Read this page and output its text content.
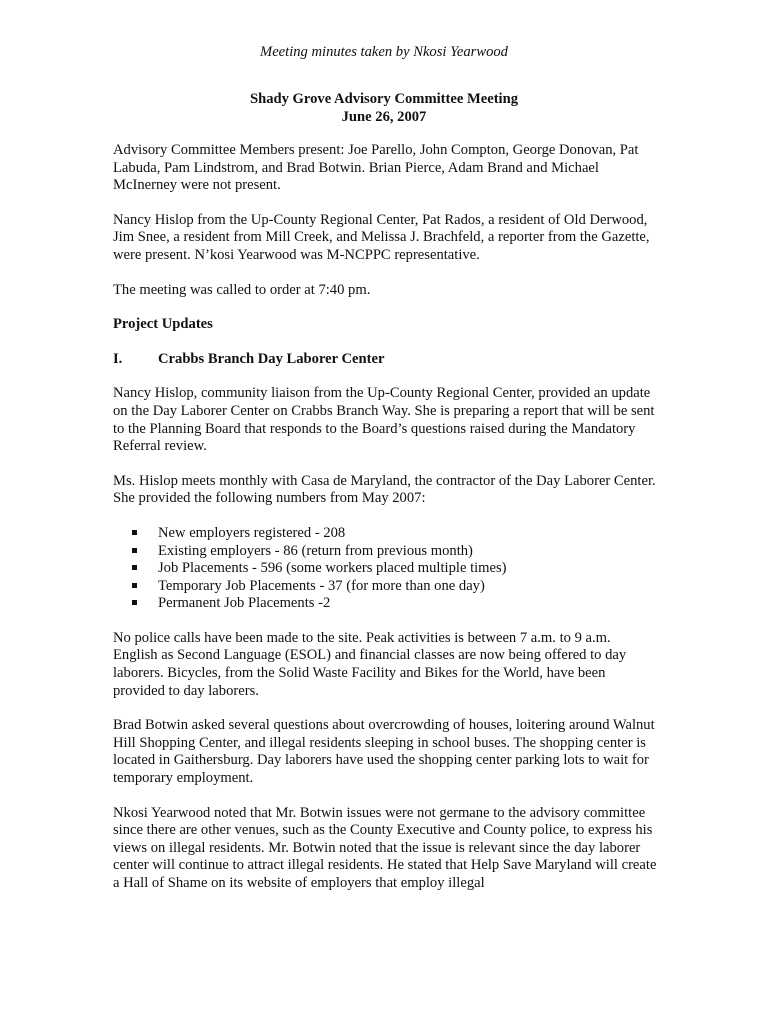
Meeting minutes taken by Nkosi Yearwood
Shady Grove Advisory Committee Meeting
June 26, 2007

Advisory Committee Members present: Joe Parello, John Compton, George Donovan, Pat Labuda, Pam Lindstrom, and Brad Botwin. Brian Pierce, Adam Brand and Michael McInerney were not present.

Nancy Hislop from the Up-County Regional Center, Pat Rados, a resident of Old Derwood, Jim Snee, a resident from Mill Creek, and Melissa J. Brachfeld, a reporter from the Gazette, were present. N’kosi Yearwood was M-NCPPC representative.

The meeting was called to order at 7:40 pm.

Project Updates
I.	Crabbs Branch Day Laborer Center

Nancy Hislop, community liaison from the Up-County Regional Center, provided an update on the Day Laborer Center on Crabbs Branch Way. She is preparing a report that will be sent to the Planning Board that responds to the Board’s questions raised during the Mandatory Referral review.

Ms. Hislop meets monthly with Casa de Maryland, the contractor of the Day Laborer Center. She provided the following numbers from May 2007:

New employers registered - 208
Existing employers - 86 (return from previous month)
Job Placements - 596 (some workers placed multiple times)
Temporary Job Placements - 37 (for more than one day)
Permanent Job Placements -2

No police calls have been made to the site. Peak activities is between 7 a.m. to 9 a.m. English as Second Language (ESOL) and financial classes are now being offered to day laborers. Bicycles, from the Solid Waste Facility and Bikes for the World, have been provided to day laborers.

Brad Botwin asked several questions about overcrowding of houses, loitering around Walnut Hill Shopping Center, and illegal residents sleeping in school buses. The shopping center is located in Gaithersburg. Day laborers have used the shopping center parking lots to wait for temporary employment.

Nkosi Yearwood noted that Mr. Botwin issues were not germane to the advisory committee since there are other venues, such as the County Executive and County police, to express his views on illegal residents. Mr. Botwin noted that the issue is relevant since the day laborer center will continue to attract illegal residents. He stated that Help Save Maryland will create a Hall of Shame on its website of employers that employ illegal
